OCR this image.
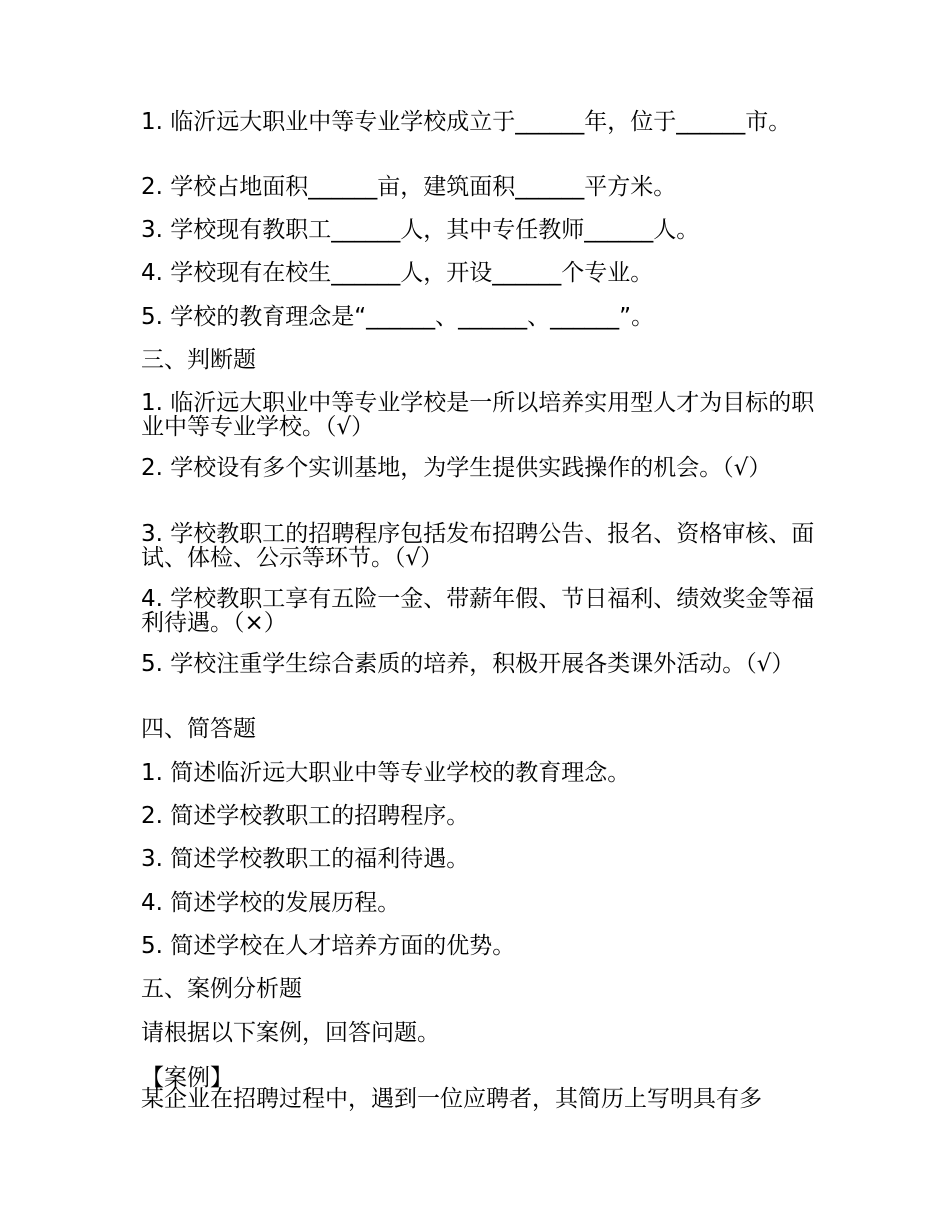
1. 临沂远大职业中等专业学校成立于______年，位于______市。
2. 学校占地面积______亩，建筑面积______平方米。
3. 学校现有教职工______人，其中专任教师______人。
4. 学校现有在校生______人，开设______个专业。
5. 学校的教育理念是“______、______、______”。
三、判断题
1. 临沂远大职业中等专业学校是一所以培养实用型人才为目标的职业中等专业学校。（√）
2. 学校设有多个实训基地，为学生提供实践操作的机会。（√）
3. 学校教职工的招聘程序包括发布招聘公告、报名、资格审核、面试、体检、公示等环节。（√）
4. 学校教职工享有五险一金、带薪年假、节日福利、绩效奖金等福利待遇。（×）
5. 学校注重学生综合素质的培养，积极开展各类课外活动。（√）
四、简答题
1. 简述临沂远大职业中等专业学校的教育理念。
2. 简述学校教职工的招聘程序。
3. 简述学校教职工的福利待遇。
4. 简述学校的发展历程。
5. 简述学校在人才培养方面的优势。
五、案例分析题
请根据以下案例，回答问题。
【案例】
某企业在招聘过程中，遇到一位应聘者，其简历上写明具有多
